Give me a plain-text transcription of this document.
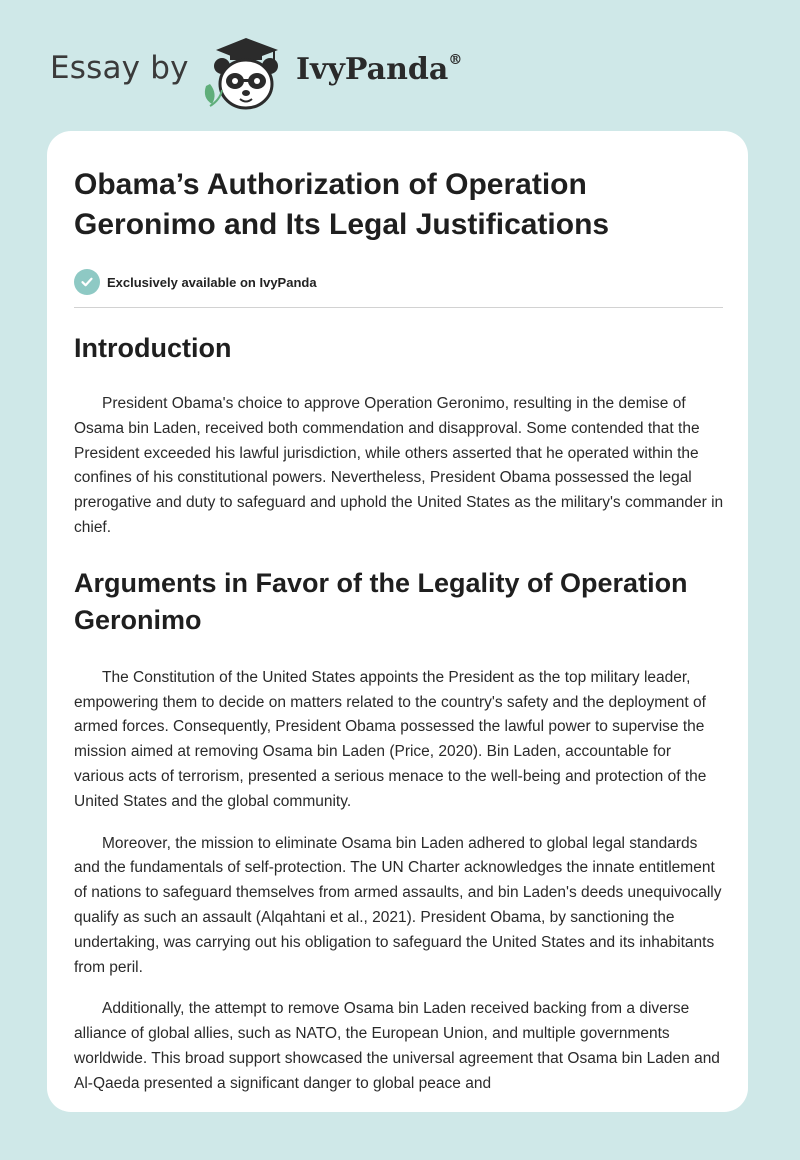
Essay by	IvyPanda®
Obama’s Authorization of Operation Geronimo and Its Legal Justifications
Exclusively available on IvyPanda
Introduction

President Obama's choice to approve Operation Geronimo, resulting in the demise of Osama bin Laden, received both commendation and disapproval. Some contended that the President exceeded his lawful jurisdiction, while others asserted that he operated within the confines of his constitutional powers. Nevertheless, President Obama possessed the legal prerogative and duty to safeguard and uphold the United States as the military's commander in chief.

Arguments in Favor of the Legality of Operation Geronimo

The Constitution of the United States appoints the President as the top military leader, empowering them to decide on matters related to the country's safety and the deployment of armed forces. Consequently, President Obama possessed the lawful power to supervise the mission aimed at removing Osama bin Laden (Price, 2020). Bin Laden, accountable for various acts of terrorism, presented a serious menace to the well-being and protection of the United States and the global community.

Moreover, the mission to eliminate Osama bin Laden adhered to global legal standards and the fundamentals of self-protection. The UN Charter acknowledges the innate entitlement of nations to safeguard themselves from armed assaults, and bin Laden's deeds unequivocally qualify as such an assault (Alqahtani et al., 2021). President Obama, by sanctioning the undertaking, was carrying out his obligation to safeguard the United States and its inhabitants from peril.

Additionally, the attempt to remove Osama bin Laden received backing from a diverse alliance of global allies, such as NATO, the European Union, and multiple governments worldwide. This broad support showcased the universal agreement that Osama bin Laden and Al-Qaeda presented a significant danger to global peace and
